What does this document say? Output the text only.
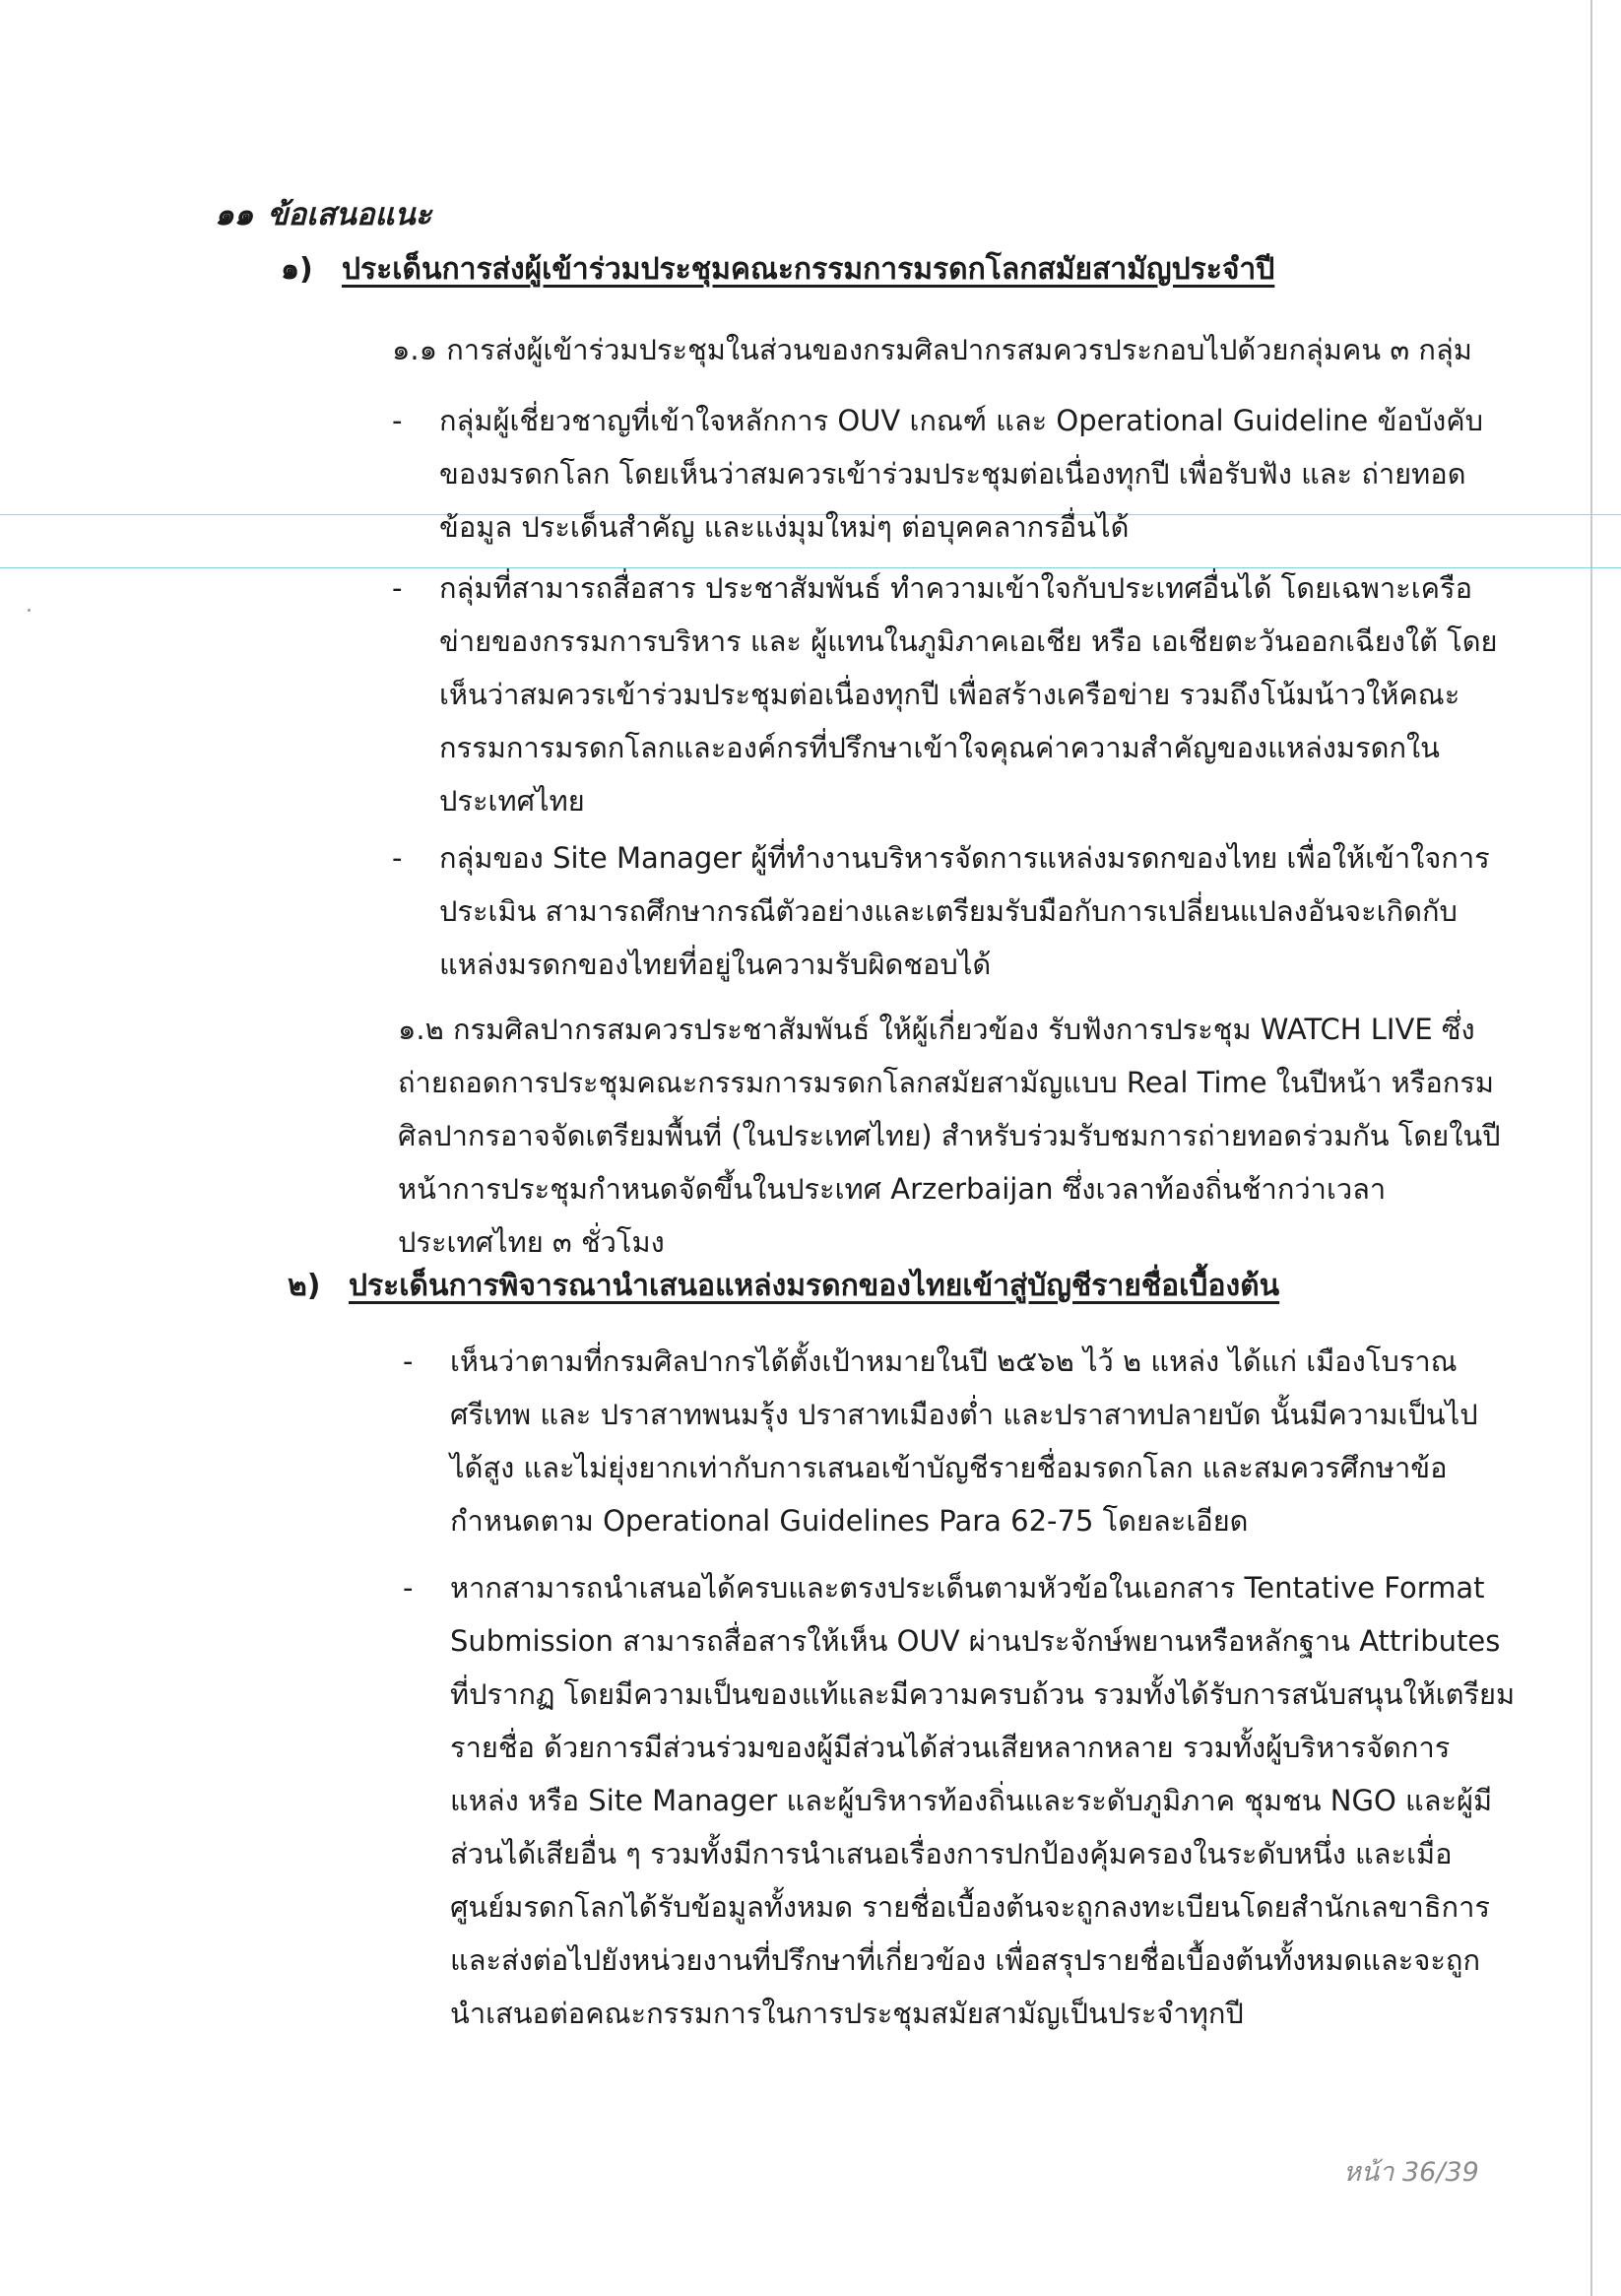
๑๑ ข้อเสนอแนะ
๑) ประเด็นการส่งผู้เข้าร่วมประชุมคณะกรรมการมรดกโลกสมัยสามัญประจำปี
๑.๑ การส่งผู้เข้าร่วมประชุมในส่วนของกรมศิลปากรสมควรประกอบไปด้วยกลุ่มคน ๓ กลุ่ม
- กลุ่มผู้เชี่ยวชาญที่เข้าใจหลักการ OUV เกณฑ์ และ Operational Guideline ข้อบังคับ
ของมรดกโลก โดยเห็นว่าสมควรเข้าร่วมประชุมต่อเนื่องทุกปี เพื่อรับฟัง และ ถ่ายทอด
ข้อมูล ประเด็นสำคัญ และแง่มุมใหม่ๆ ต่อบุคคลากรอื่นได้
- กลุ่มที่สามารถสื่อสาร ประชาสัมพันธ์ ทำความเข้าใจกับประเทศอื่นได้ โดยเฉพาะเครือ
ข่ายของกรรมการบริหาร และ ผู้แทนในภูมิภาคเอเชีย หรือ เอเชียตะวันออกเฉียงใต้ โดย
เห็นว่าสมควรเข้าร่วมประชุมต่อเนื่องทุกปี เพื่อสร้างเครือข่าย รวมถึงโน้มน้าวให้คณะ
กรรมการมรดกโลกและองค์กรที่ปรึกษาเข้าใจคุณค่าความสำคัญของแหล่งมรดกใน
ประเทศไทย
- กลุ่มของ Site Manager ผู้ที่ทำงานบริหารจัดการแหล่งมรดกของไทย เพื่อให้เข้าใจการ
ประเมิน สามารถศึกษากรณีตัวอย่างและเตรียมรับมือกับการเปลี่ยนแปลงอันจะเกิดกับ
แหล่งมรดกของไทยที่อยู่ในความรับผิดชอบได้
๑.๒ กรมศิลปากรสมควรประชาสัมพันธ์ ให้ผู้เกี่ยวข้อง รับฟังการประชุม WATCH LIVE ซึ่ง
ถ่ายถอดการประชุมคณะกรรมการมรดกโลกสมัยสามัญแบบ Real Time ในปีหน้า หรือกรม
ศิลปากรอาจจัดเตรียมพื้นที่ (ในประเทศไทย) สำหรับร่วมรับชมการถ่ายทอดร่วมกัน โดยในปี
หน้าการประชุมกำหนดจัดขึ้นในประเทศ Arzerbaijan ซึ่งเวลาท้องถิ่นช้ากว่าเวลา
ประเทศไทย ๓ ชั่วโมง
๒) ประเด็นการพิจารณานำเสนอแหล่งมรดกของไทยเข้าสู่บัญชีรายชื่อเบื้องต้น
- เห็นว่าตามที่กรมศิลปากรได้ตั้งเป้าหมายในปี ๒๕๖๒ ไว้ ๒ แหล่ง ได้แก่ เมืองโบราณ
ศรีเทพ และ ปราสาทพนมรุ้ง ปราสาทเมืองต่ำ และปราสาทปลายบัด นั้นมีความเป็นไป
ได้สูง และไม่ยุ่งยากเท่ากับการเสนอเข้าบัญชีรายชื่อมรดกโลก และสมควรศึกษาข้อ
กำหนดตาม Operational Guidelines Para 62-75 โดยละเอียด
- หากสามารถนำเสนอได้ครบและตรงประเด็นตามหัวข้อในเอกสาร Tentative Format
Submission สามารถสื่อสารให้เห็น OUV ผ่านประจักษ์พยานหรือหลักฐาน Attributes
ที่ปรากฏ โดยมีความเป็นของแท้และมีความครบถ้วน รวมทั้งได้รับการสนับสนุนให้เตรียม
รายชื่อ ด้วยการมีส่วนร่วมของผู้มีส่วนได้ส่วนเสียหลากหลาย รวมทั้งผู้บริหารจัดการ
แหล่ง หรือ Site Manager และผู้บริหารท้องถิ่นและระดับภูมิภาค ชุมชน NGO และผู้มี
ส่วนได้เสียอื่น ๆ รวมทั้งมีการนำเสนอเรื่องการปกป้องคุ้มครองในระดับหนึ่ง และเมื่อ
ศูนย์มรดกโลกได้รับข้อมูลทั้งหมด รายชื่อเบื้องต้นจะถูกลงทะเบียนโดยสำนักเลขาธิการ
และส่งต่อไปยังหน่วยงานที่ปรึกษาที่เกี่ยวข้อง เพื่อสรุปรายชื่อเบื้องต้นทั้งหมดและจะถูก
นำเสนอต่อคณะกรรมการในการประชุมสมัยสามัญเป็นประจำทุกปี
หน้า 36/39
